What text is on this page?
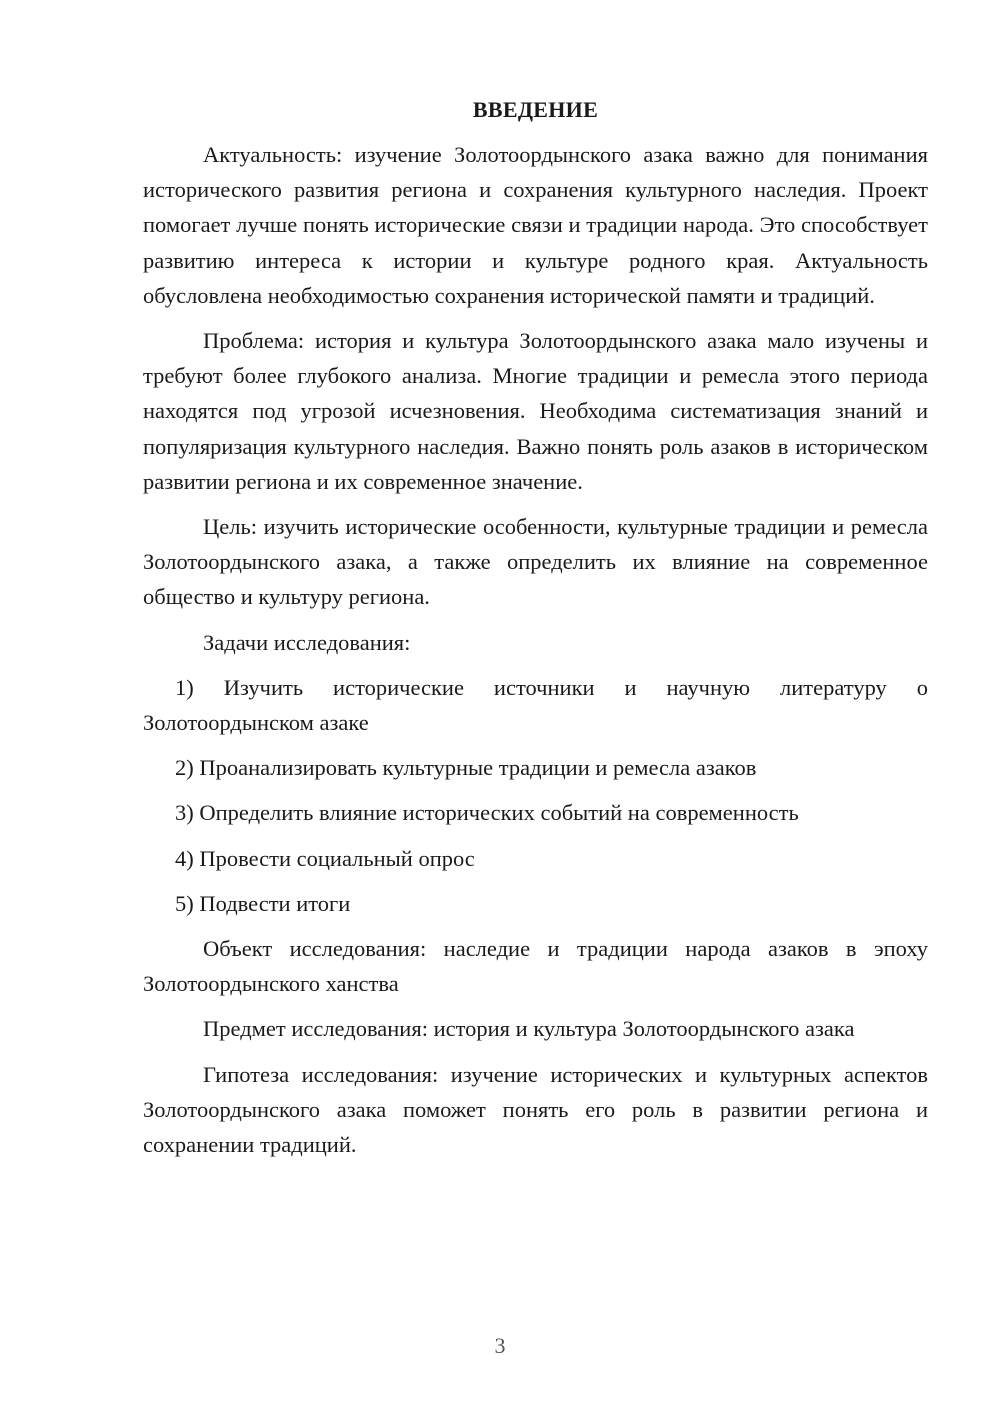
ВВЕДЕНИЕ

Актуальность: изучение Золотоордынского азака важно для понимания исторического развития региона и сохранения культурного наследия. Проект помогает лучше понять исторические связи и традиции народа. Это способствует развитию интереса к истории и культуре родного края. Актуальность обусловлена необходимостью сохранения исторической памяти и традиций.

Проблема: история и культура Золотоордынского азака мало изучены и требуют более глубокого анализа. Многие традиции и ремесла этого периода находятся под угрозой исчезновения. Необходима систематизация знаний и популяризация культурного наследия. Важно понять роль азаков в историческом развитии региона и их современное значение.

Цель: изучить исторические особенности, культурные традиции и ремесла Золотоордынского азака, а также определить их влияние на современное общество и культуру региона.

Задачи исследования:

1) Изучить исторические источники и научную литературу о Золотоордынском азаке

2) Проанализировать культурные традиции и ремесла азаков

3) Определить влияние исторических событий на современность

4) Провести социальный опрос

5) Подвести итоги

Объект исследования: наследие и традиции народа азаков в эпоху Золотоордынского ханства

Предмет исследования: история и культура Золотоордынского азака

Гипотеза исследования: изучение исторических и культурных аспектов Золотоордынского азака поможет понять его роль в развитии региона и сохранении традиций.

3
